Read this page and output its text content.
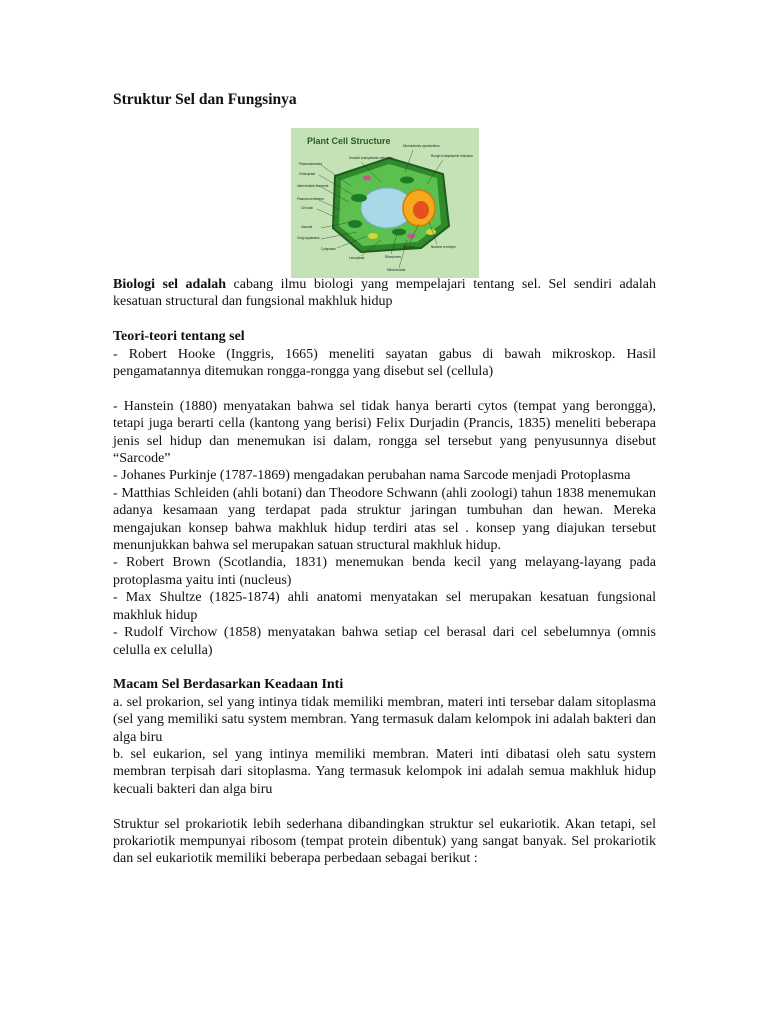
Struktur Sel dan Fungsinya
Plant Cell Structure
Smooth endoplasmic reticulum
Microtubules cytoskeleton
Rough endoplasmic reticulum
Plasmodesmata
Chloroplast
Intermediate filaments
Plasma membrane
Cell wall
Golgi apparatus
Cytoplasm
Vacuole
Nucleus
Ribosomes
Nuclear envelope
Mitochondria
Leucoplast

Biologi sel adalah cabang ilmu biologi yang mempelajari tentang sel. Sel sendiri adalah kesatuan structural dan fungsional makhluk hidup

Teori-teori tentang sel

- Robert Hooke (Inggris, 1665) meneliti sayatan gabus di bawah mikroskop. Hasil pengamatannya ditemukan rongga-rongga yang disebut sel (cellula)

- Hanstein (1880) menyatakan bahwa sel tidak hanya berarti cytos (tempat yang berongga), tetapi juga berarti cella (kantong yang berisi) Felix Durjadin (Prancis, 1835) meneliti beberapa jenis sel hidup dan menemukan isi dalam, rongga sel tersebut yang penyusunnya disebut “Sarcode”

- Johanes Purkinje (1787-1869) mengadakan perubahan nama Sarcode menjadi Protoplasma

- Matthias Schleiden (ahli botani) dan Theodore Schwann (ahli zoologi) tahun 1838 menemukan adanya kesamaan yang terdapat pada struktur jaringan tumbuhan dan hewan. Mereka mengajukan konsep bahwa makhluk hidup terdiri atas sel . konsep yang diajukan tersebut menunjukkan bahwa sel merupakan satuan structural makhluk hidup.

- Robert Brown (Scotlandia, 1831) menemukan benda kecil yang melayang-layang pada protoplasma yaitu inti (nucleus)

- Max Shultze (1825-1874) ahli anatomi menyatakan sel merupakan kesatuan fungsional makhluk hidup

- Rudolf Virchow (1858) menyatakan bahwa setiap cel berasal dari cel sebelumnya (omnis celulla ex celulla)

Macam Sel Berdasarkan Keadaan Inti

a. sel prokarion, sel yang intinya tidak memiliki membran, materi inti tersebar dalam sitoplasma (sel yang memiliki satu system membran. Yang termasuk dalam kelompok ini adalah bakteri dan alga biru

b. sel eukarion, sel yang intinya memiliki membran. Materi inti dibatasi oleh satu system membran terpisah dari sitoplasma. Yang termasuk kelompok ini adalah semua makhluk hidup kecuali bakteri dan alga biru

Struktur sel prokariotik lebih sederhana dibandingkan struktur sel eukariotik. Akan tetapi, sel prokariotik mempunyai ribosom (tempat protein dibentuk) yang sangat banyak. Sel prokariotik dan sel eukariotik memiliki beberapa perbedaan sebagai berikut :
